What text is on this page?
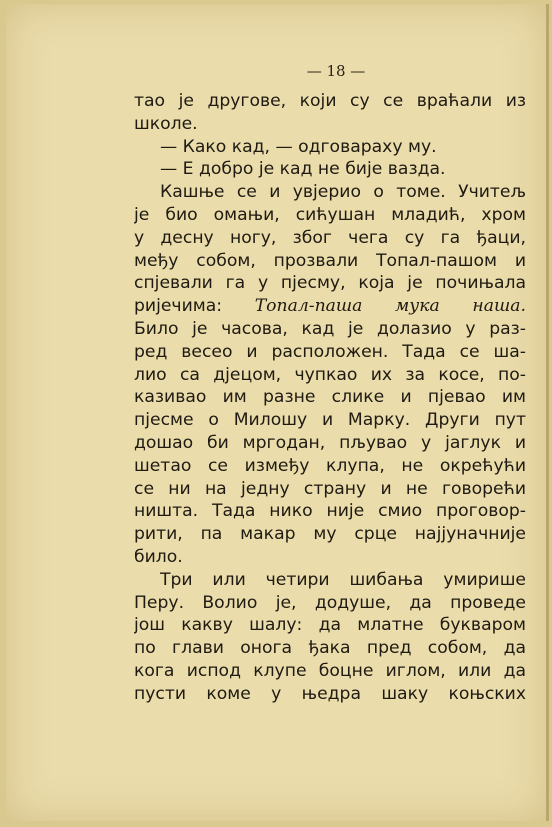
— 18 —
тао је другове, који су се враћали из
школе.
— Како кад, — одговараху му.
— Е добро је кад не бије вазда.
Кашње се и увјерио о томе. Учитељ
је био омањи, сићушан младић, хром
у десну ногу, због чега су га ђаци,
међу собом, прозвали Топал-пашом и
спјевали га у пјесму, која је почињала
ријечима: Топал-паша мука наша.
Било је часова, кад је долазио у раз-
ред весео и расположен. Тада се ша-
лио са дјецом, чупкао их за косе, по-
казивао им разне слике и пјевао им
пјесме о Милошу и Марку. Други пут
дошао би мргодан, пљувао у јаглук и
шетао се између клупа, не окрећући
се ни на једну страну и не говорећи
ништа. Тада нико није смио проговор-
рити, па макар му срце најјуначније
било.
Три или четири шибања умирише
Перу. Волио је, додуше, да проведе
још какву шалу: да млатне букваром
по глави онога ђака пред собом, да
кога испод клупе боцне иглом, или да
пусти коме у њедра шаку коњских
